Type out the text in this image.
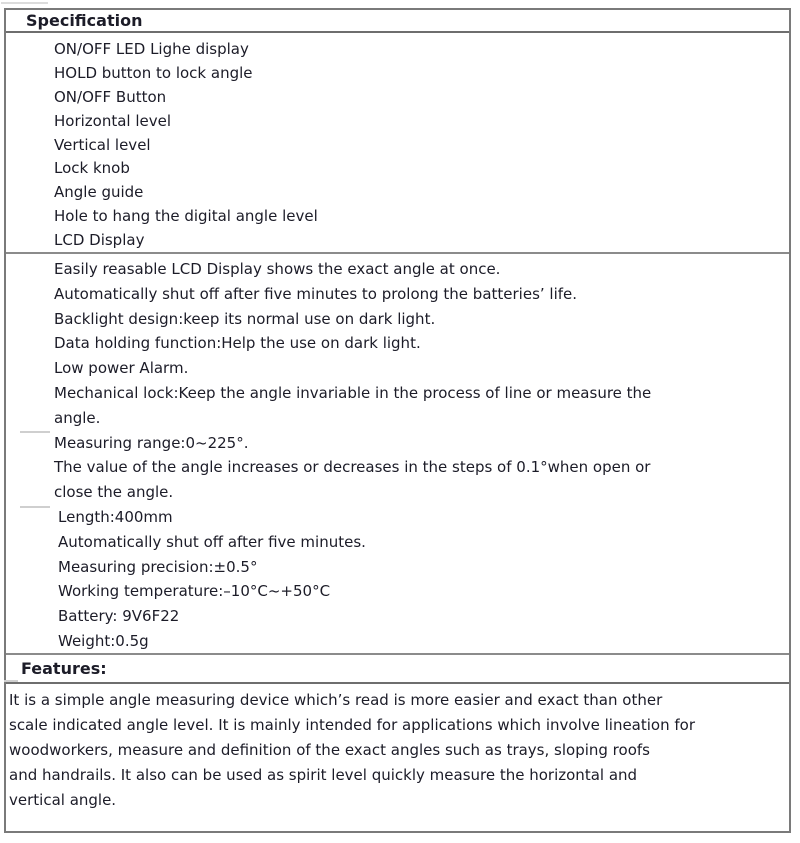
Specification
ON/OFF LED Lighe display
HOLD button to lock angle
ON/OFF Button
Horizontal level
Vertical level
Lock knob
Angle guide
Hole to hang the digital angle level
LCD Display
Easily reasable LCD Display shows the exact angle at once.
Automatically shut off after five minutes to prolong the batteries’ life.
Backlight design:keep its normal use on dark light.
Data holding function:Help the use on dark light.
Low power Alarm.
Mechanical lock:Keep the angle invariable in the process of line or measure the
angle.
Measuring range:0~225°.
The value of the angle increases or decreases in the steps of 0.1°when open or
close the angle.
Length:400mm
Automatically shut off after five minutes.
Measuring precision:±0.5°
Working temperature:–10°C~+50°C
Battery: 9V6F22
Weight:0.5g
Features:
It is a simple angle measuring device which’s read is more easier and exact than other
scale indicated angle level. It is mainly intended for applications which involve lineation for
woodworkers, measure and definition of the exact angles such as trays, sloping roofs
and handrails. It also can be used as spirit level quickly measure the horizontal and
vertical angle.
